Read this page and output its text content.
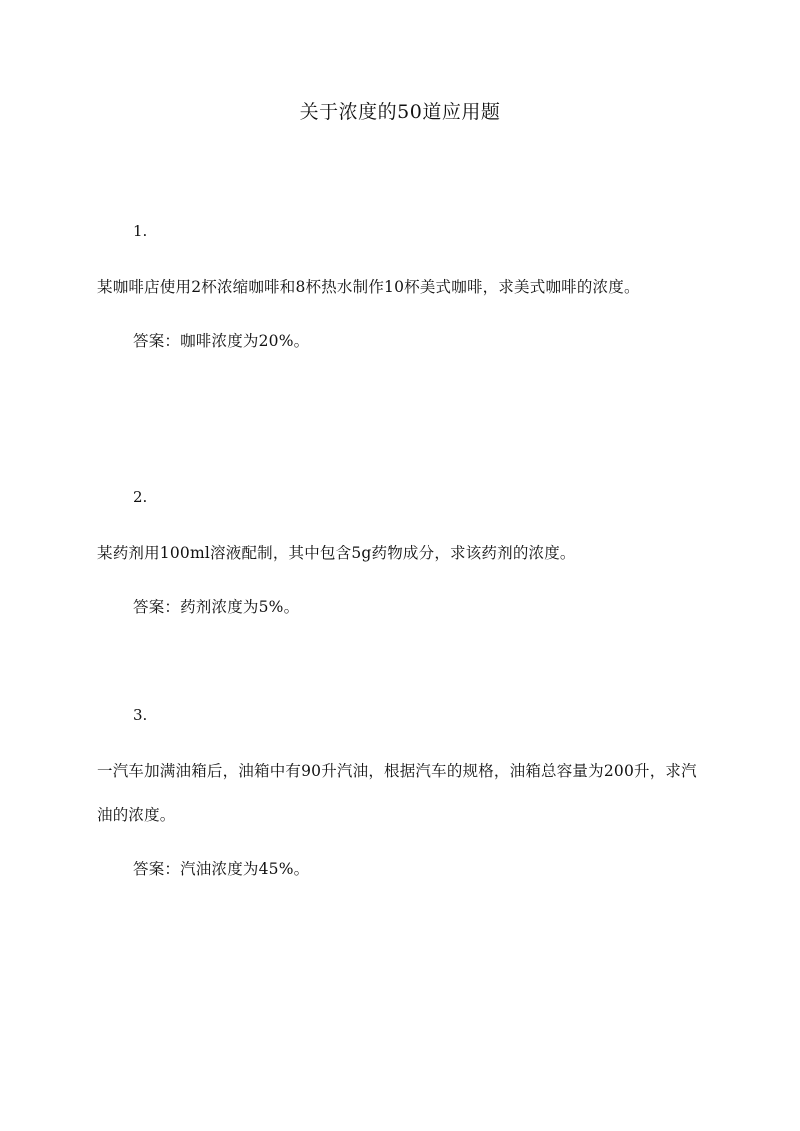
关于浓度的50道应用题
1.
某咖啡店使用2杯浓缩咖啡和8杯热水制作10杯美式咖啡，求美式咖啡的浓度。
答案：咖啡浓度为20%。
2.
某药剂用100ml溶液配制，其中包含5g药物成分，求该药剂的浓度。
答案：药剂浓度为5%。
3.
一汽车加满油箱后，油箱中有90升汽油，根据汽车的规格，油箱总容量为200升，求汽油的浓度。
答案：汽油浓度为45%。
